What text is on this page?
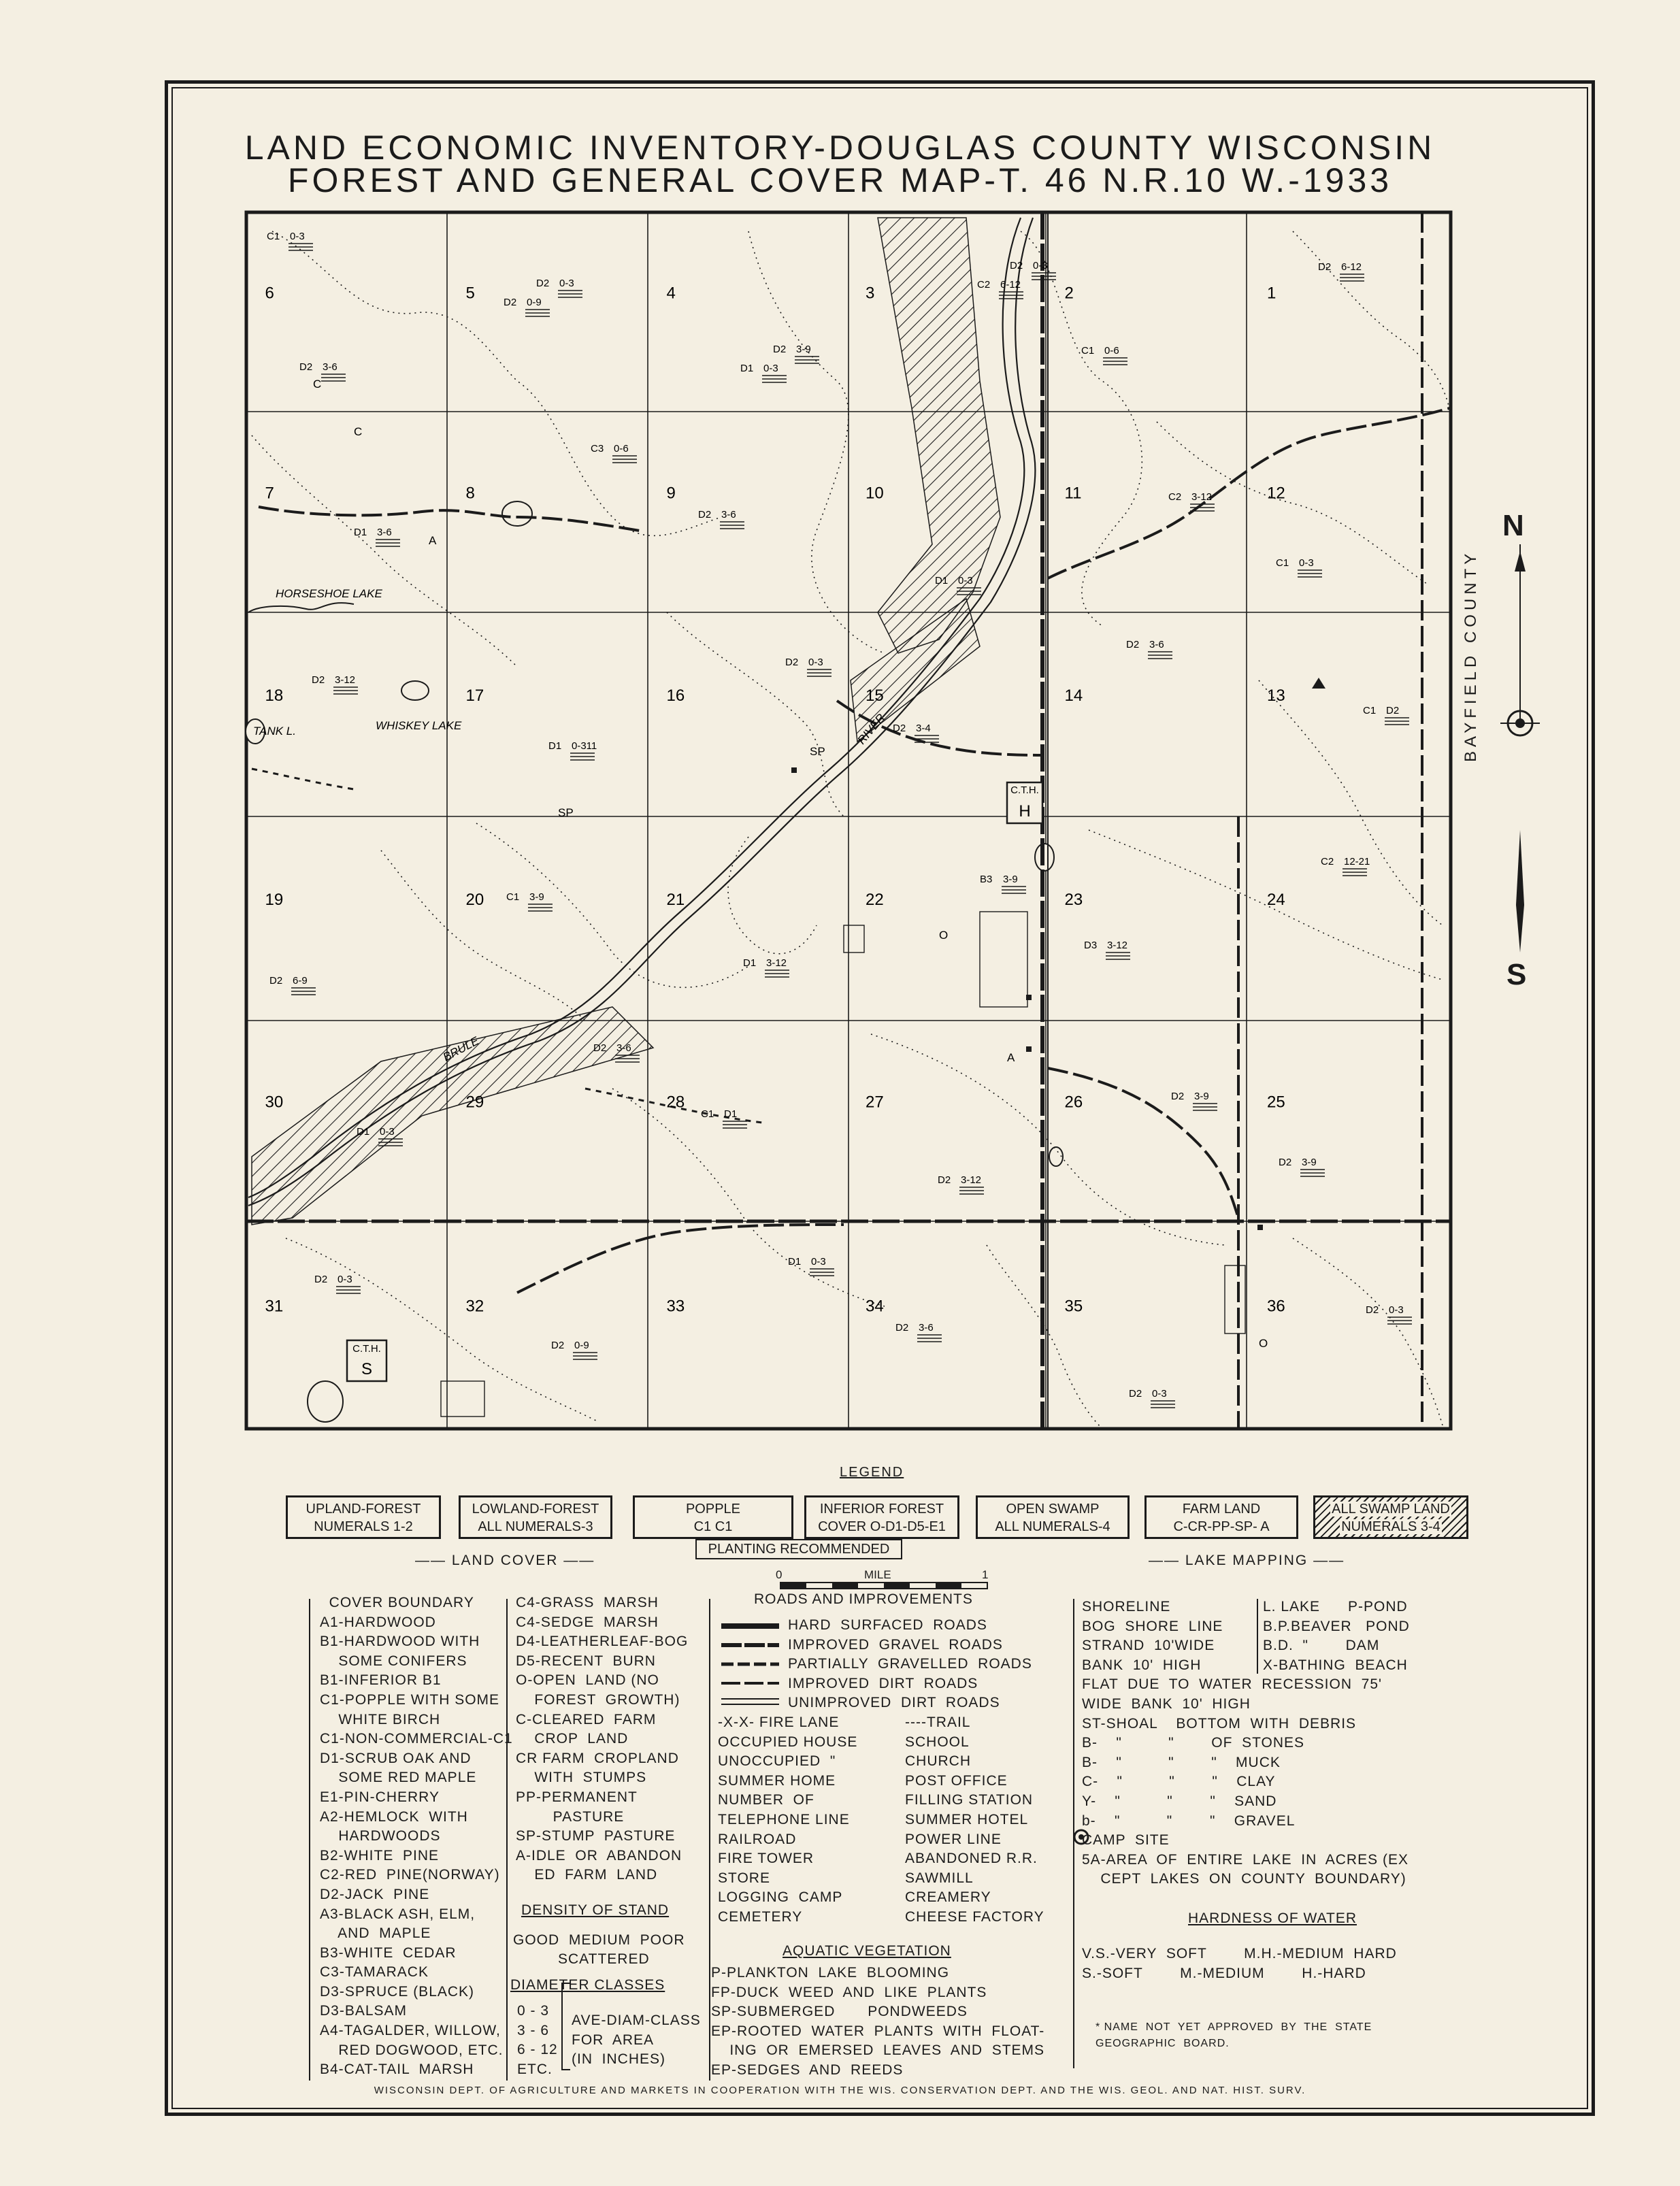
LAND ECONOMIC INVENTORY-DOUGLAS COUNTY WISCONSIN
FOREST AND GENERAL COVER MAP-T. 46 N.R.10 W.-1933
C.T.H.
H
C.T.H.
S
HORSESHOE LAKE
TANK L.	WHISKEY LAKE
BRULE
RIVER
6	5	4	3	2	1
7	8	9	10	11	12
18	17	16	15	14	13
19	20	21	22	23	24
30	29	28	27	26	25
31	32	33	34	35	36
C1 0-3
D2 0-9
D1 0-3
C2 6-12
C1 0-6
D2 6-12
D1 3-6
C3 0-6
D2 3-6
D1 0-3
C2 3-12
C1 0-3
D2 3-12
D1 0-311
D2 0-3
D2 3-4
D2 3-6
C1 D2
D2 6-9
C1 3-9
D1 3-12
B3 3-9
D3 3-12
C2 12-21
D1 0-3
D2 3-6
C1 D1
D2 3-12
D2 3-9
D2 3-9
D2 0-3
D2 0-9
D1 0-3
D2 3-6
D2 0-3
D2 0-3
D2 3-6
D2 0-3
D2 3-9
D2 0-3
C
A
O
SP
C
A
O
SP
N
S
BAYFIELD COUNTY
LEGEND
UPLAND-FOREST
NUMERALS 1-2
LOWLAND-FOREST
ALL NUMERALS-3
POPPLE
C1 C1
INFERIOR FOREST
COVER O-D1-D5-E1
OPEN SWAMP
ALL NUMERALS-4
FARM LAND
C-CR-PP-SP- A
ALL SWAMP LAND
NUMERALS 3-4
PLANTING RECOMMENDED
—— LAND COVER ——	—— LAKE MAPPING ——
0	MILE	1
COVER BOUNDARY
A1-HARDWOOD
B1-HARDWOOD WITH
SOME CONIFERS
B1-INFERIOR B1
C1-POPPLE WITH SOME
WHITE BIRCH
C1-NON-COMMERCIAL-C1
D1-SCRUB OAK AND
SOME RED MAPLE
E1-PIN-CHERRY
A2-HEMLOCK  WITH
HARDWOODS
B2-WHITE  PINE
C2-RED  PINE(NORWAY)
D2-JACK  PINE
A3-BLACK ASH, ELM,
AND  MAPLE
B3-WHITE  CEDAR
C3-TAMARACK
D3-SPRUCE (BLACK)
D3-BALSAM
A4-TAGALDER, WILLOW,
RED DOGWOOD, ETC.
B4-CAT-TAIL  MARSH
C4-GRASS  MARSH
C4-SEDGE  MARSH
D4-LEATHERLEAF-BOG
D5-RECENT  BURN
O-OPEN  LAND (NO
FOREST  GROWTH)
C-CLEARED  FARM
CROP  LAND
CR FARM  CROPLAND
WITH  STUMPS
PP-PERMANENT
PASTURE
SP-STUMP  PASTURE
A-IDLE  OR  ABANDON
ED  FARM  LAND
DENSITY OF STAND
GOOD  MEDIUM  POOR
SCATTERED
DIAMETER CLASSES
0 - 3
3 - 6
6 - 12
ETC.
AVE-DIAM-CLASS
FOR  AREA
(IN  INCHES)
ROADS AND IMPROVEMENTS
HARD  SURFACED  ROADS
IMPROVED  GRAVEL  ROADS
PARTIALLY  GRAVELLED  ROADS
IMPROVED  DIRT  ROADS
UNIMPROVED  DIRT  ROADS
-X-X- FIRE LANE
OCCUPIED HOUSE
UNOCCUPIED  "
SUMMER HOME
NUMBER  OF
TELEPHONE LINE
RAILROAD
FIRE TOWER
STORE
LOGGING  CAMP
CEMETERY
----TRAIL
SCHOOL
CHURCH
POST OFFICE
FILLING STATION
SUMMER HOTEL
POWER LINE
ABANDONED R.R.
SAWMILL
CREAMERY
CHEESE FACTORY
AQUATIC VEGETATION
P-PLANKTON  LAKE  BLOOMING
FP-DUCK  WEED  AND  LIKE  PLANTS
SP-SUBMERGED       PONDWEEDS
EP-ROOTED  WATER  PLANTS  WITH  FLOAT-
ING  OR  EMERSED  LEAVES  AND  STEMS
EP-SEDGES  AND  REEDS
SHORELINE
BOG  SHORE  LINE
STRAND  10'WIDE
BANK  10'  HIGH
FLAT  DUE  TO  WATER  RECESSION  75'
WIDE  BANK  10'  HIGH
ST-SHOAL    BOTTOM  WITH  DEBRIS
B-    "          "        OF  STONES
B-    "          "        "    MUCK
C-    "          "        "    CLAY
Y-    "          "        "    SAND
b-    "          "        "    GRAVEL
CAMP  SITE
5A-AREA  OF  ENTIRE  LAKE  IN  ACRES (EX
CEPT  LAKES  ON  COUNTY  BOUNDARY)
L. LAKE      P-POND
B.P.BEAVER   POND
B.D.  "        DAM
X-BATHING  BEACH
HARDNESS OF WATER
V.S.-VERY  SOFT        M.H.-MEDIUM  HARD
S.-SOFT        M.-MEDIUM        H.-HARD
* NAME  NOT  YET  APPROVED  BY  THE  STATE
GEOGRAPHIC  BOARD.
WISCONSIN DEPT. OF AGRICULTURE AND MARKETS IN COOPERATION WITH THE WIS. CONSERVATION DEPT. AND THE WIS. GEOL. AND NAT. HIST. SURV.
